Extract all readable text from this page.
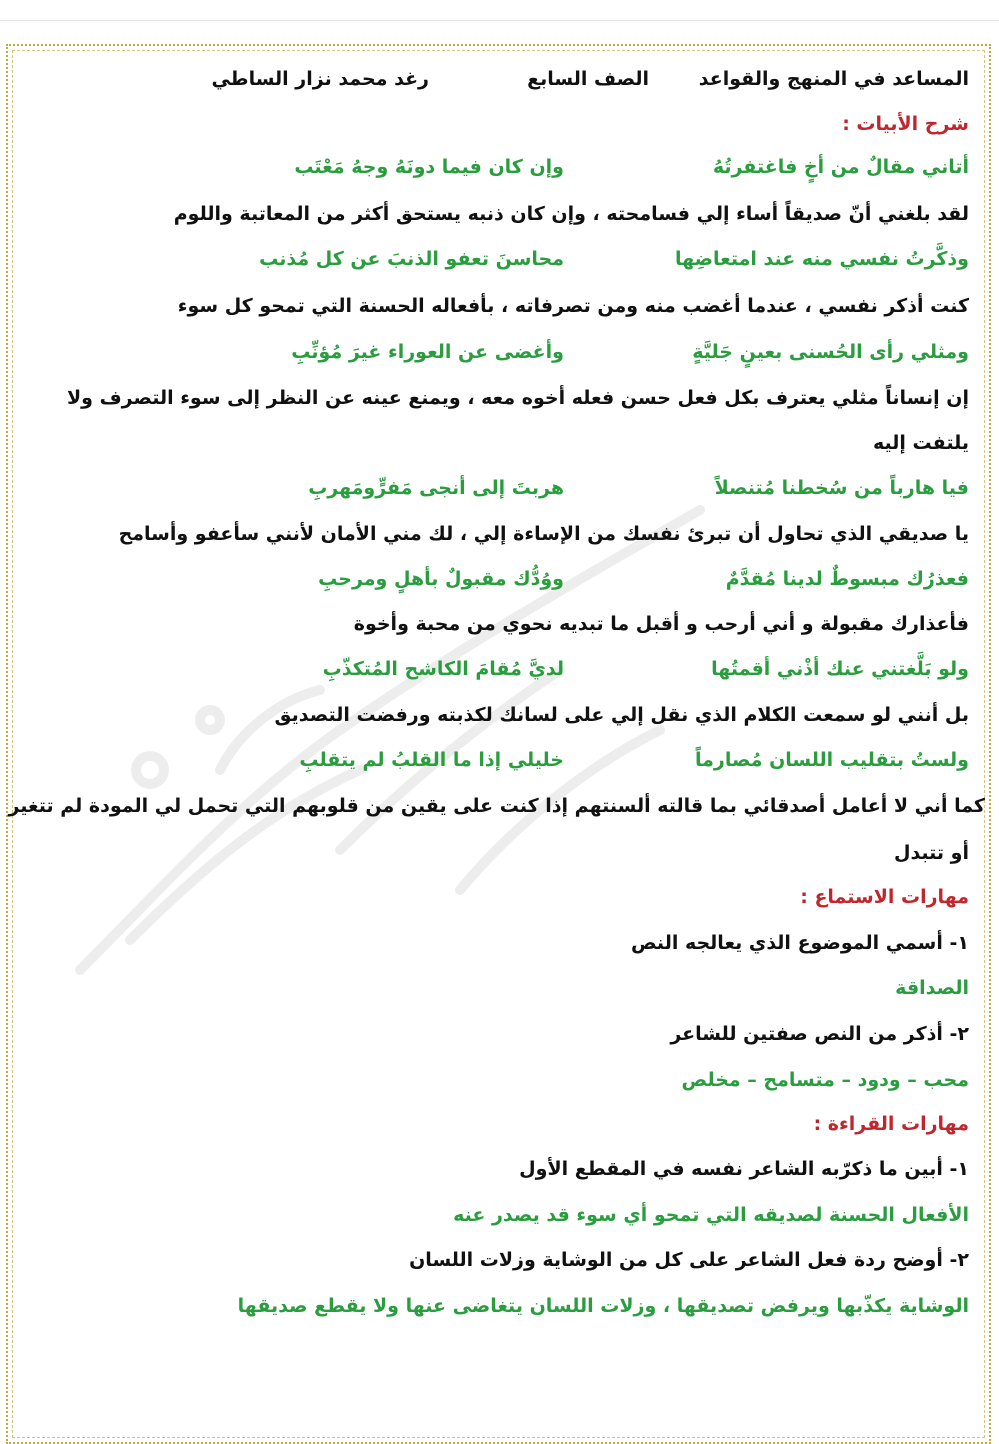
المساعد في المنهج والقواعد
الصف السابع
رغد محمد نزار الساطي
شرح الأبيات :
أتاني مقالٌ من أخٍ فاغتفرتُهُ
وإن كان فيما دونَهُ وجهُ مَعْتَب
لقد بلغني أنّ صديقاً أساء إلي فسامحته ، وإن كان ذنبه يستحق أكثر من المعاتبة واللوم
وذكَّرتُ نفسي منه عند امتعاضِها
محاسنَ تعفو الذنبَ عن كل مُذنب
كنت أذكر نفسي ، عندما أغضب منه ومن تصرفاته ، بأفعاله الحسنة التي تمحو كل سوء
ومثلي رأى الحُسنى بعينٍ جَليَّةٍ
وأغضى عن العوراء غيرَ مُؤنِّبِ
إن إنساناً مثلي يعترف بكل فعل حسن فعله أخوه معه ، ويمنع عينه عن النظر إلى سوء التصرف ولا
يلتفت إليه
فيا هارباً من سُخطنا مُتنصلاً
هربتَ إلى أنجى مَفرٍّومَهربِ
يا صديقي الذي تحاول أن تبرئ نفسك من الإساءة إلي ، لك مني الأمان لأنني سأعفو وأسامح
فعذرُك مبسوطٌ لدينا مُقدَّمٌ
ووُدُّك مقبولٌ بأهلٍ ومرحبِ
فأعذارك مقبولة و أني أرحب و أقبل ما تبديه نحوي من محبة وأخوة
ولو بَلَّغتني عنك أذْني أقمتُها
لديَّ مُقامَ الكاشح المُتكذّبِ
بل أنني لو سمعت الكلام الذي نقل إلي على لسانك لكذبته ورفضت التصديق
ولستُ بتقليب اللسان مُصارماً
خليلي إذا ما القلبُ لم يتقلبِ
كما أني لا أعامل أصدقائي بما قالته ألسنتهم إذا كنت على يقين من قلوبهم التي تحمل لي المودة لم تتغير
أو تتبدل
مهارات الاستماع :
١- أسمي الموضوع الذي يعالجه النص
الصداقة
٢- أذكر من النص صفتين للشاعر
محب – ودود – متسامح – مخلص
مهارات القراءة :
١- أبين ما ذكرّبه الشاعر نفسه في المقطع الأول
الأفعال الحسنة لصديقه التي تمحو أي سوء قد يصدر عنه
٢- أوضح ردة فعل الشاعر على كل من الوشاية وزلات اللسان
الوشاية يكذّبها ويرفض تصديقها ، وزلات اللسان يتغاضى عنها ولا يقطع صديقها
